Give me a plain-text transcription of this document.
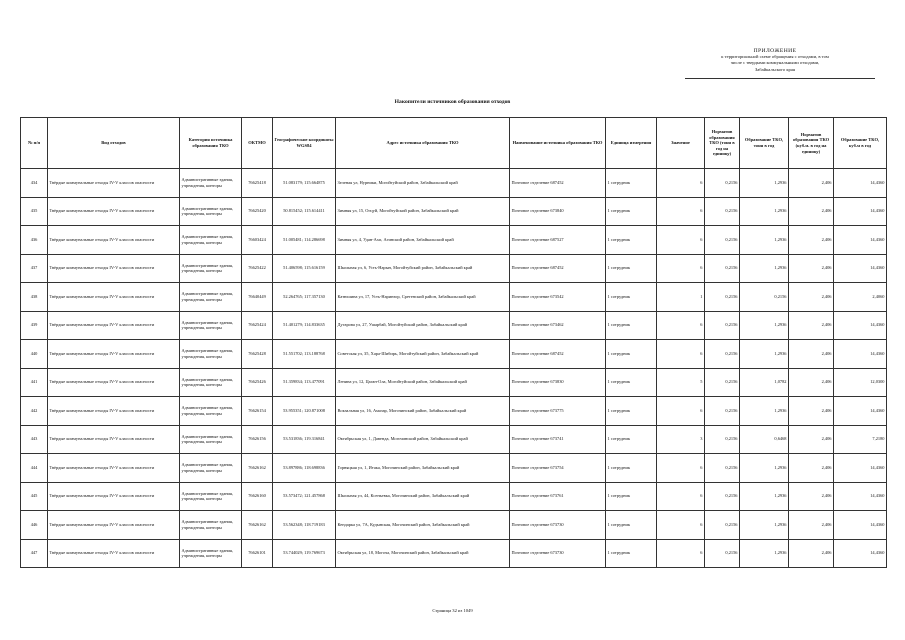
ПРИЛОЖЕНИЕ
к территориальной схеме обращения с отходами, в том
числе с твердыми коммунальными отходами,
Забайкальского края
Накопители источников образования отходов
№ п/п	Вид отходов	Категория источника образования ТКО	ОКТМО	Географические координаты WGS84	Адрес источника образования ТКО	Наименование источника образования ТКО	Единица измерения	Значение	Норматив образования ТКО (тонн в год на единицу)	Образование ТКО, тонн в год	Норматив образования ТКО (куб.м. в год на единицу)	Образование ТКО, куб.м в год
434	Твёрдые коммунальные отходы IV-V классов опасности	Административные здания, учреждения, конторы	76625418	51.083179; 115.664875	Зеленая ул, Нурники, Могойтуйский район, Забайкальский край	Почтовое отделение 687452	1 сотрудник	6	0,2156	1,2936	2,406	14,4360
435	Твёрдые коммунальные отходы IV-V классов опасности	Административные здания, учреждения, конторы	76625420	50.815452; 115.614411	Зимняя ул, 15, Огцуй, Могойтуйский район, Забайкальский край	Почтовое отделение 673840	1 сотрудник	6	0,2156	1,2936	2,406	14,4360
436	Твёрдые коммунальные отходы IV-V классов опасности	Административные здания, учреждения, конторы	76603424	51.005481; 114.286698	Зимняя ул, 4, Удан-Ахп, Агинский район, Забайкальский край	Почтовое отделение 687527	1 сотрудник	6	0,2156	1,2936	2,406	14,4360
437	Твёрдые коммунальные отходы IV-V классов опасности	Административные здания, учреждения, конторы	76625422	51.406598; 115.616159	Школьная ул, 6, Усть-Нарын, Могойтуйский район, Забайкальский край	Почтовое отделение 687452	1 сотрудник	6	0,2156	1,2936	2,406	14,4360
438	Твёрдые коммунальные отходы IV-V классов опасности	Административные здания, учреждения, конторы	76640449	52.264765; 117.357130	Катюшина ул, 17, Усть-Наринзор, Сретенский район, Забайкальский край	Почтовое отделение 673542	1 сотрудник	1	0,2156	0,2156	2,406	2,4060
439	Твёрдые коммунальные отходы IV-V классов опасности	Административные здания, учреждения, конторы	76625424	51.401279; 114.833635	Дугарова ул, 27, Ушарбай, Могойтуйский район, Забайкальский край	Почтовое отделение 673462	1 сотрудник	6	0,2156	1,2936	2,406	14,4360
440	Твёрдые коммунальные отходы IV-V классов опасности	Административные здания, учреждения, конторы	76625428	51.551702; 113.188768	Советская ул, 35, Хара-Шибирь, Могойтуйский район, Забайкальский край	Почтовое отделение 687452	1 сотрудник	6	0,2156	1,2936	2,406	14,4360
441	Твёрдые коммунальные отходы IV-V классов опасности	Административные здания, учреждения, конторы	76625426	51.359834; 113.477091	Ленина ул, 12, Цаган-Ола, Могойтуйский район, Забайкальский край	Почтовое отделение 673830	1 сотрудник	5	0,2156	1,0782	2,406	12,0300
442	Твёрдые коммунальные отходы IV-V классов опасности	Административные здания, учреждения, конторы	76626154	53.955351; 120.871008	Вокзальная ул, 16, Амазар, Могочинский район, Забайкальский край	Почтовое отделение 673775	1 сотрудник	6	0,2156	1,2936	2,406	14,4360
443	Твёрдые коммунальные отходы IV-V классов опасности	Административные здания, учреждения, конторы	76626156	53.531836; 119.316841	Октябрьская ул, 1, Давенда, Могочинский район, Забайкальский край	Почтовое отделение 673741	1 сотрудник	3	0,2156	0,6468	2,406	7,2180
444	Твёрдые коммунальные отходы IV-V классов опасности	Административные здания, учреждения, конторы	76626162	53.897886; 118.698836	Горняцкая ул, 1, Итака, Могочинский район, Забайкальский край	Почтовое отделение 673754	1 сотрудник	6	0,2156	1,2936	2,406	14,4360
445	Твёрдые коммунальные отходы IV-V классов опасности	Административные здания, учреждения, конторы	76626160	53.573472; 121.457868	Школьная ул, 44, Ксеньевка, Могочинский район, Забайкальский край	Почтовое отделение 673761	1 сотрудник	6	0,2156	1,2936	2,406	14,4360
446	Твёрдые коммунальные отходы IV-V классов опасности	Административные здания, учреждения, конторы	76626162	53.562348; 118.719183	Кендарка ул, 7А, Кудынская, Могочинский район, Забайкальский край	Почтовое отделение 673730	1 сотрудник	6	0,2156	1,2936	2,406	14,4360
447	Твёрдые коммунальные отходы IV-V классов опасности	Административные здания, учреждения, конторы	76626101	53.744029; 119.769673	Октябрьская ул, 18, Могоча, Могочинский район, Забайкальский край	Почтовое отделение 673730	1 сотрудник	6	0,2156	1,2936	2,406	14,4360
Страница 32 из 1049
